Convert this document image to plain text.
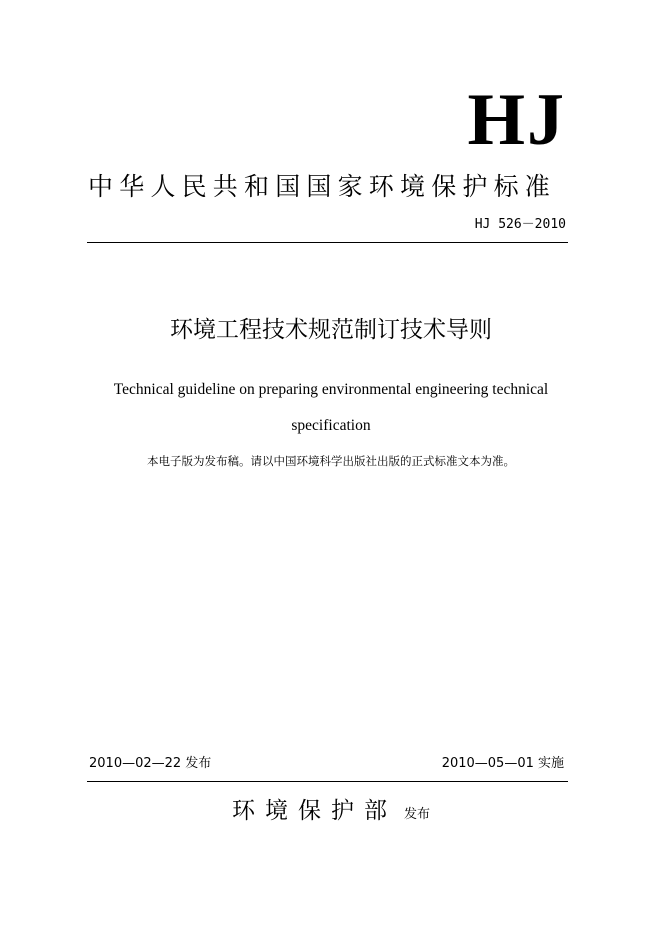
HJ
中华人民共和国国家环境保护标准
HJ 526－2010
环境工程技术规范制订技术导则
Technical guideline on preparing environmental engineering technical
specification
本电子版为发布稿。请以中国环境科学出版社出版的正式标准文本为准。
2010—02—22 发布	2010—05—01 实施
环境保护部 发布
